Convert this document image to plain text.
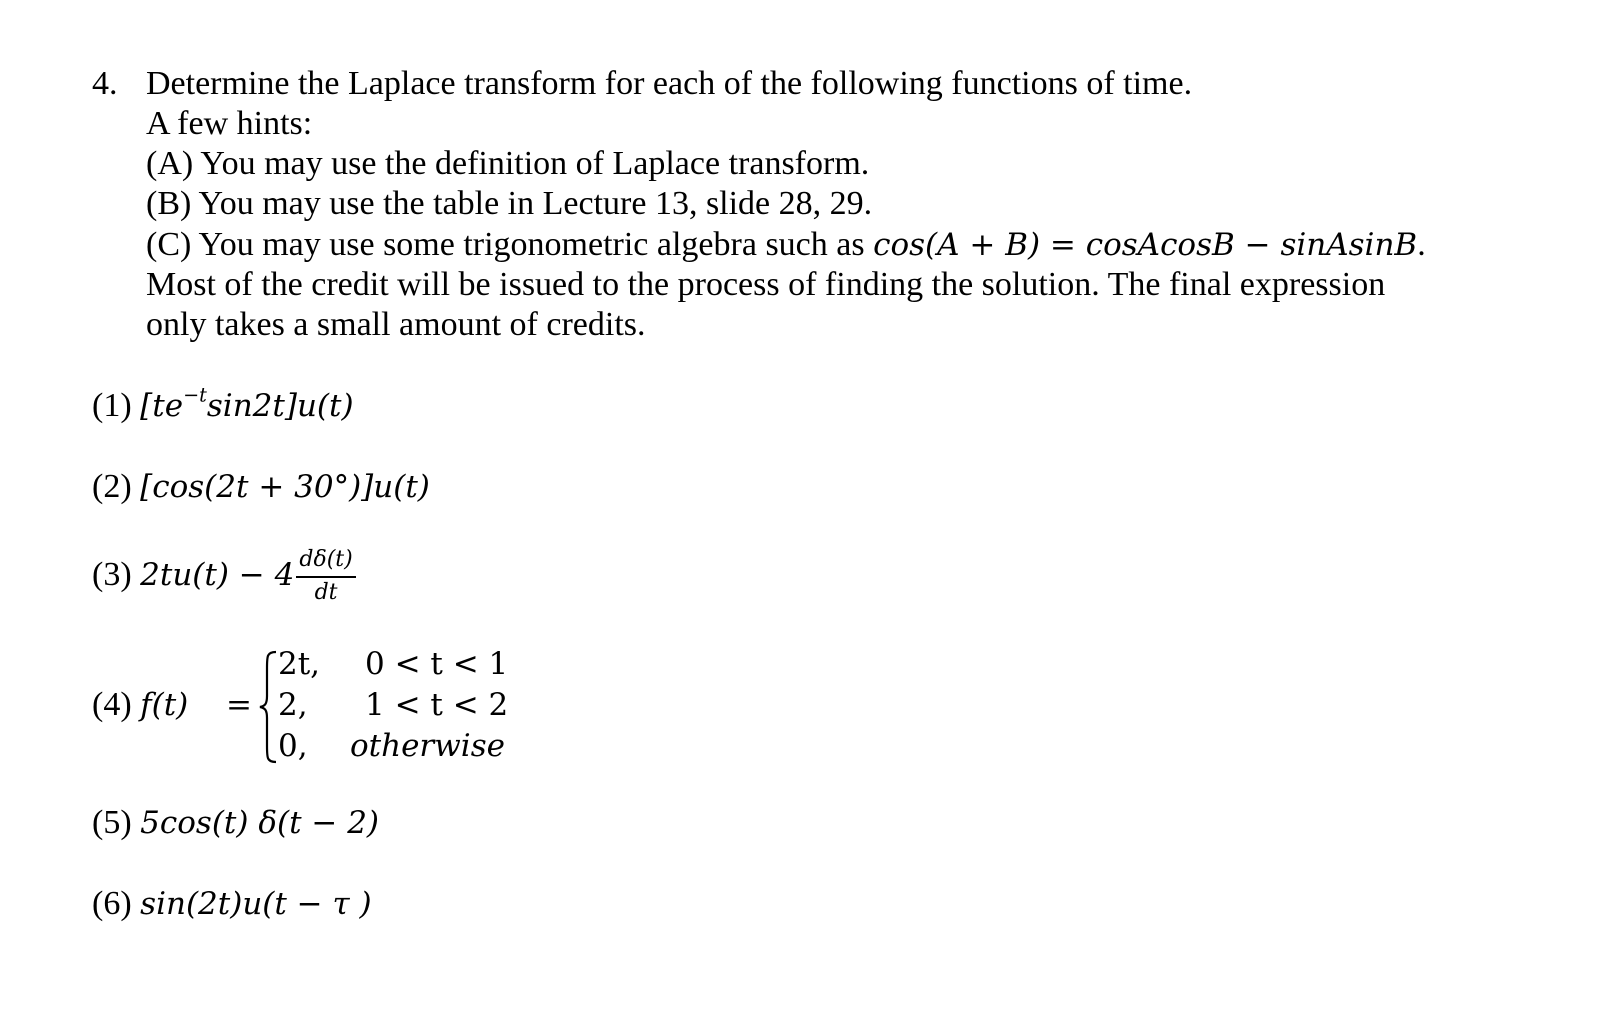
4. Determine the Laplace transform for each of the following functions of time.
A few hints:
(A) You may use the definition of Laplace transform.
(B) You may use the table in Lecture 13, slide 28, 29.
(C) You may use some trigonometric algebra such as cos(A + B) = cosAcosB − sinAsinB.
Most of the credit will be issued to the process of finding the solution. The final expression
only takes a small amount of credits.
(1) $[te^{-t}\sin 2t]u(t)$
(2) [cos(2t + 30°)]u(t)
(3) $2tu(t) - 4 \frac{d\delta(t)}{dt}$
(4) f(t) =
2t, 0 < t < 1
2, 1 < t < 2
0, otherwise
(5) 5cos(t) δ(t − 2)
(6) sin(2t)u(t − τ )
